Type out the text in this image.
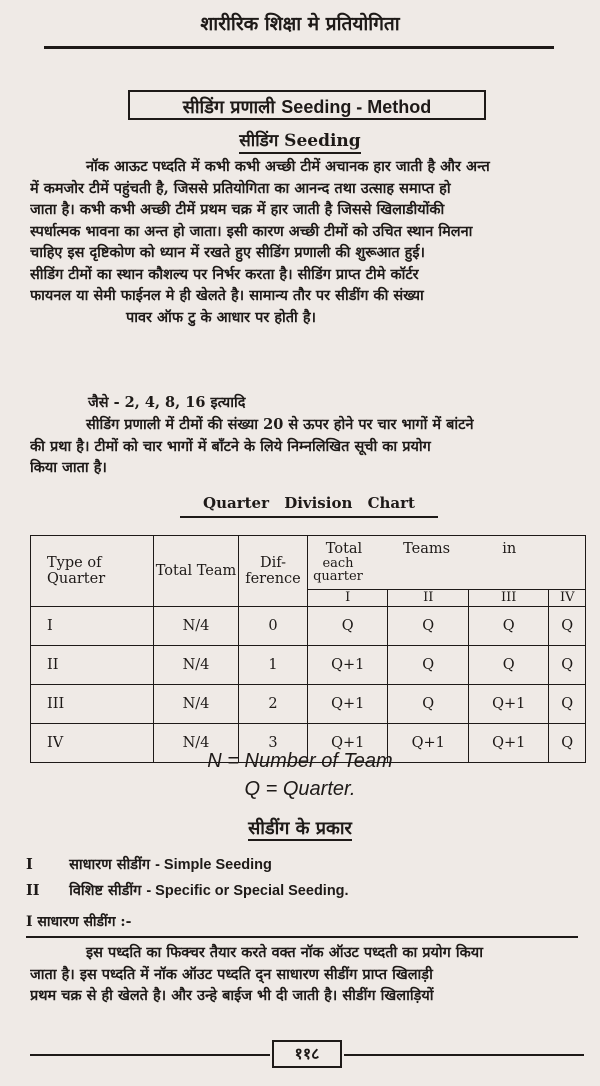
शारीरिक शिक्षा मे प्रतियोगिता
सीडिंग प्रणाली Seeding - Method
सीडिंग Seeding
नॉक आऊट पध्दति में कभी कभी अच्छी टीमें अचानक हार जाती है और अन्त
में कमजोर टीमें पहुंचती है, जिससे प्रतियोगिता का आनन्द तथा उत्साह समाप्त हो
जाता है। कभी कभी अच्छी टीमें प्रथम चक्र में हार जाती है जिससे खिलाडीयोंकी
स्पर्धात्मक भावना का अन्त हो जाता। इसी कारण अच्छी टीमों को उचित स्थान मिलना
चाहिए इस दृष्टिकोण को ध्यान में रखते हुए सीडिंग प्रणाली की शुरूआत हुई।
सीडिंग टीमों का स्थान कौशल्य पर निर्भर करता है। सीडिंग प्राप्त टीमे कॉर्टर
फायनल या सेमी फाईनल मे ही खेलते है। सामान्य तौर पर सीडींग की संख्या
पावर ऑफ टु के आधार पर होती है।
जैसे - 2, 4, 8, 16 इत्यादि
सीडिंग प्रणाली में टीमों की संख्या 20 से ऊपर होने पर चार भागों में बांटने
की प्रथा है। टीमों को चार भागों में बाँटने के लिये निम्नलिखित सूची का प्रयोग
किया जाता है।
Quarter Division Chart
Type of Quarter	Total Team	Dif- ference	Total Teams in each quarter			
			I	II	III	IV
I	N/4	0	Q	Q	Q	Q
II	N/4	1	Q+1	Q	Q	Q
III	N/4	2	Q+1	Q	Q+1	Q
IV	N/4	3	Q+1	Q+1	Q+1	Q
N = Number of Team
Q = Quarter.
सीडींग के प्रकार
I	साधारण सीडींग - Simple Seeding
II विशिष्ट सीडींग - Specific or Special Seeding.
I साधारण सीडींग :-
इस पध्दति का फिक्चर तैयार करते वक्त नॉक ऑउट पध्दती का प्रयोग किया
जाता है। इस पध्दति में नॉक ऑउट पध्दति द्न साधारण सीडींग प्राप्त खिलाड़ी
प्रथम चक्र से ही खेलते है। और उन्हे बाईज भी दी जाती है। सीडींग खिलाड़ियों
११८
